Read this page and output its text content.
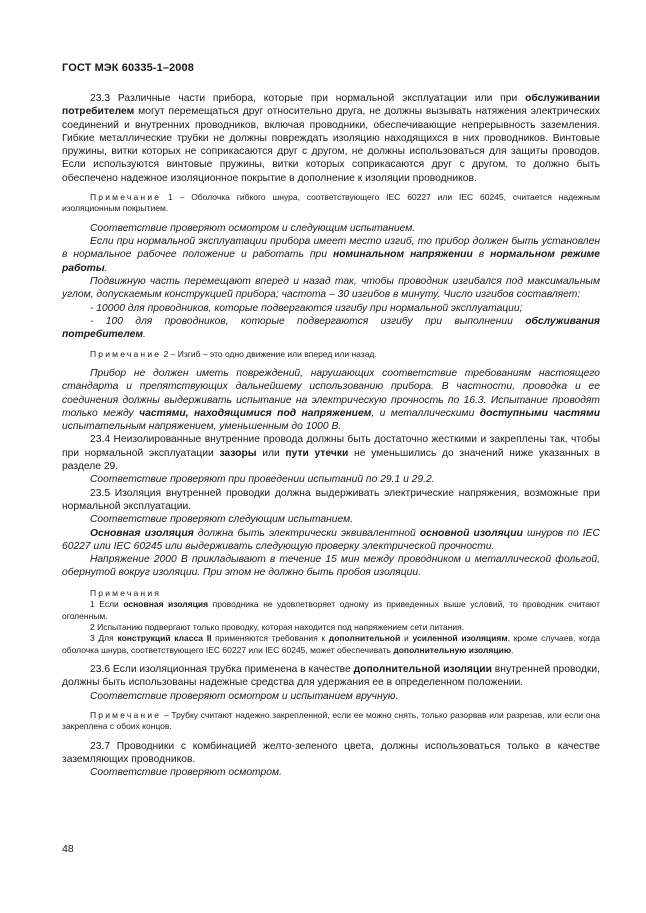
ГОСТ МЭК 60335-1–2008

23.3 Различные части прибора, которые при нормальной эксплуатации или при обслуживании потребителем могут перемещаться друг относительно друга, не должны вызывать натяжения электрических соединений и внутренних проводников, включая проводники, обеспечивающие непрерывность заземления. Гибкие металлические трубки не должны повреждать изоляцию находящихся в них проводников. Винтовые пружины, витки которых не соприкасаются друг с другом, не должны использоваться для защиты проводов. Если используются винтовые пружины, витки которых соприкасаются друг с другом, то должно быть обеспечено надежное изоляционное покрытие в дополнение к изоляции проводников.

Примечание 1 – Оболочка гибкого шнура, соответствующего IEC 60227 или IEC 60245, считается надежным изоляционным покрытием.

Соответствие проверяют осмотром и следующим испытанием.

Если при нормальной эксплуатации прибора имеет место изгиб, то прибор должен быть установлен в нормальное рабочее положение и работать при номинальном напряжении в нормальном режиме работы.

Подвижную часть перемещают вперед и назад так, чтобы проводник изгибался под максимальным углом, допускаемым конструкцией прибора; частота – 30 изгибов в минуту. Число изгибов составляет:

- 10000 для проводников, которые подвергаются изгибу при нормальной эксплуатации;

- 100 для проводников, которые подвергаются изгибу при выполнении обслуживания потребителем.

Примечание 2 – Изгиб – это одно движение или вперед или назад.

Прибор не должен иметь повреждений, нарушающих соответствие требованиям настоящего стандарта и препятствующих дальнейшему использованию прибора. В частности, проводка и ее соединения должны выдерживать испытание на электрическую прочность по 16.3. Испытание проводят только между частями, находящимися под напряжением, и металлическими доступными частями испытательным напряжением, уменьшенным до 1000 В.

23.4 Неизолированные внутренние провода должны быть достаточно жесткими и закреплены так, чтобы при нормальной эксплуатации зазоры или пути утечки не уменьшились до значений ниже указанных в разделе 29.

Соответствие проверяют при проведении испытаний по 29.1 и 29.2.

23.5 Изоляция внутренней проводки должна выдерживать электрические напряжения, возможные при нормальной эксплуатации.

Соответствие проверяют следующим испытанием.

Основная изоляция должна быть электрически эквивалентной основной изоляции шнуров по IEC 60227 или IEC 60245 или выдерживать следующую проверку электрической прочности.

Напряжение 2000 В прикладывают в течение 15 мин между проводником и металлической фольгой, обернутой вокруг изоляции. При этом не должно быть пробоя изоляции.

Примечания

1 Если основная изоляция проводника не удовлетворяет одному из приведенных выше условий, то проводник считают оголенным.

2 Испытанию подвергают только проводку, которая находится под напряжением сети питания.

3 Для конструкций класса II применяются требования к дополнительной и усиленной изоляциям, кроме случаев, когда оболочка шнура, соответствующего IEC 60227 или IEC 60245, может обеспечивать дополнительную изоляцию.

23.6 Если изоляционная трубка применена в качестве дополнительной изоляции внутренней проводки, должны быть использованы надежные средства для удержания ее в определенном положении.

Соответствие проверяют осмотром и испытанием вручную.

Примечание – Трубку считают надежно закрепленной, если ее можно снять, только разорвав или разрезав, или если она закреплена с обоих концов.

23.7 Проводники с комбинацией желто-зеленого цвета, должны использоваться только в качестве заземляющих проводников.

Соответствие проверяют осмотром.

48
